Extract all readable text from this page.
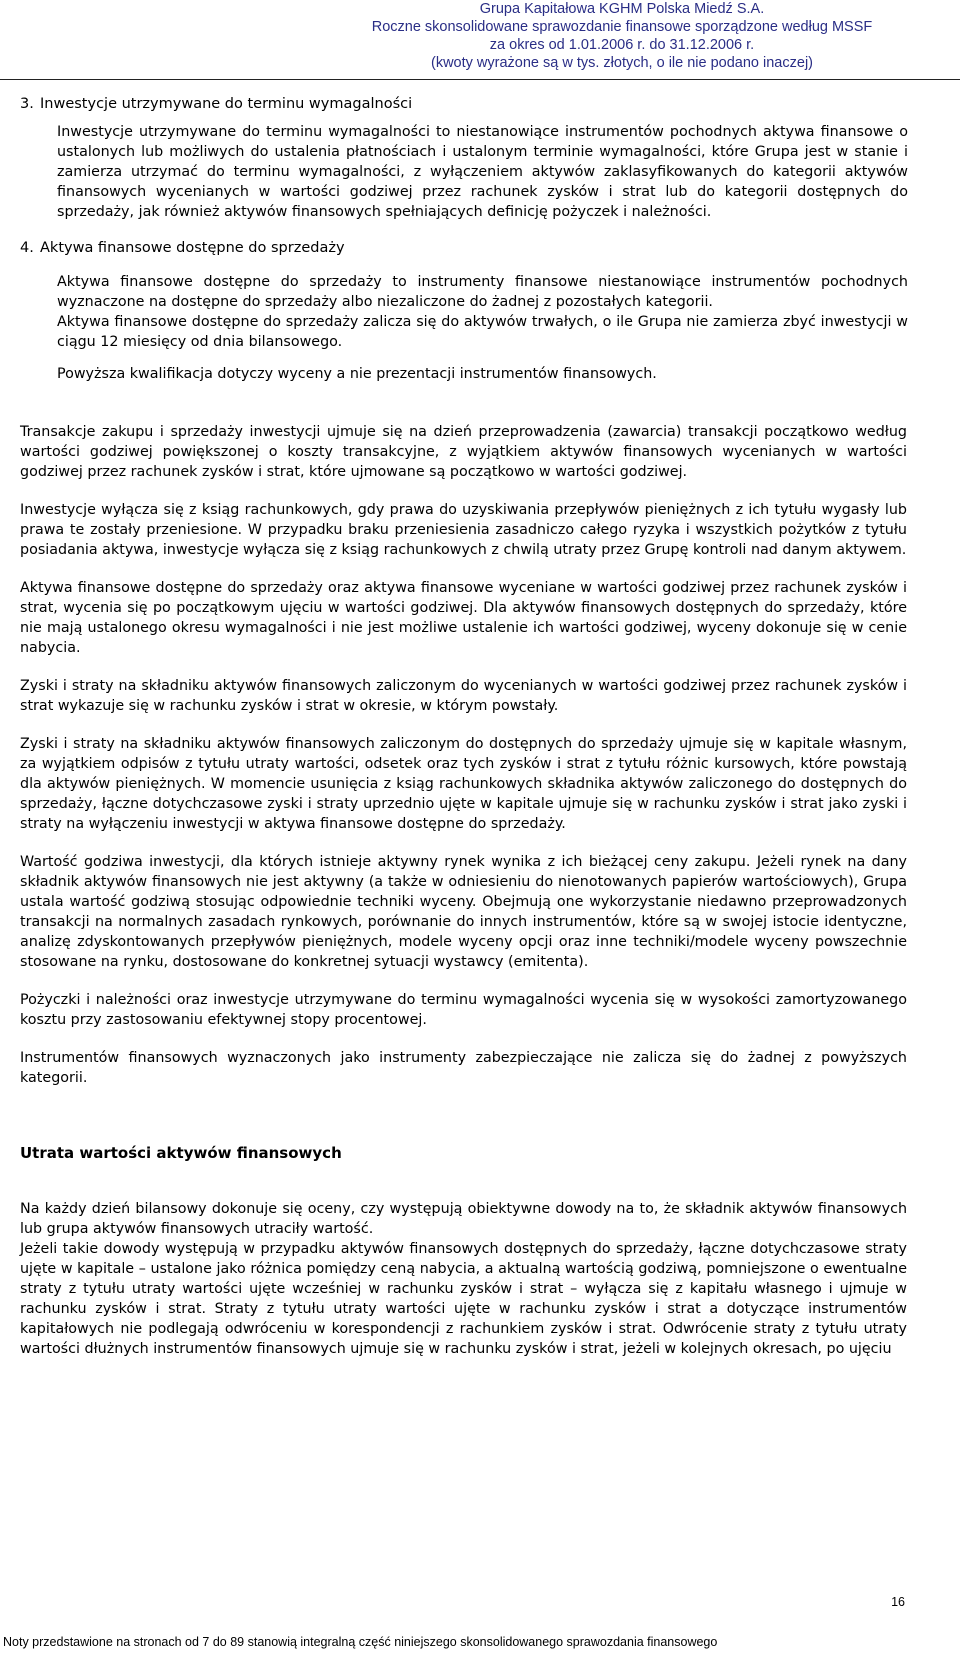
Grupa Kapitałowa KGHM Polska Miedź S.A.
Roczne skonsolidowane sprawozdanie finansowe sporządzone według MSSF
za okres od 1.01.2006 r. do 31.12.2006 r.
(kwoty wyrażone są w tys. złotych, o ile nie podano inaczej)
3. Inwestycje utrzymywane do terminu wymagalności

Inwestycje utrzymywane do terminu wymagalności to niestanowiące instrumentów pochodnych aktywa finansowe o ustalonych lub możliwych do ustalenia płatnościach i ustalonym terminie wymagalności, które Grupa jest w stanie i zamierza utrzymać do terminu wymagalności, z wyłączeniem aktywów zaklasyfikowanych do kategorii aktywów finansowych wycenianych w wartości godziwej przez rachunek zysków i strat lub do kategorii dostępnych do sprzedaży, jak również aktywów finansowych spełniających definicję pożyczek i należności.

4. Aktywa finansowe dostępne do sprzedaży

Aktywa finansowe dostępne do sprzedaży to instrumenty finansowe niestanowiące instrumentów pochodnych wyznaczone na dostępne do sprzedaży albo niezaliczone do żadnej z pozostałych kategorii.

Aktywa finansowe dostępne do sprzedaży zalicza się do aktywów trwałych, o ile Grupa nie zamierza zbyć inwestycji w ciągu 12 miesięcy od dnia bilansowego.

Powyższa kwalifikacja dotyczy wyceny a nie prezentacji instrumentów finansowych.

Transakcje zakupu i sprzedaży inwestycji ujmuje się na dzień przeprowadzenia (zawarcia) transakcji początkowo według wartości godziwej powiększonej o koszty transakcyjne, z wyjątkiem aktywów finansowych wycenianych w wartości godziwej przez rachunek zysków i strat, które ujmowane są początkowo w wartości godziwej.

Inwestycje wyłącza się z ksiąg rachunkowych, gdy prawa do uzyskiwania przepływów pieniężnych z ich tytułu wygasły lub prawa te zostały przeniesione. W przypadku braku przeniesienia zasadniczo całego ryzyka i wszystkich pożytków z tytułu posiadania aktywa, inwestycje wyłącza się z ksiąg rachunkowych z chwilą utraty przez Grupę kontroli nad danym aktywem.

Aktywa finansowe dostępne do sprzedaży oraz aktywa finansowe wyceniane w wartości godziwej przez rachunek zysków i strat, wycenia się po początkowym ujęciu w wartości godziwej. Dla aktywów finansowych dostępnych do sprzedaży, które nie mają ustalonego okresu wymagalności i nie jest możliwe ustalenie ich wartości godziwej, wyceny dokonuje się w cenie nabycia.

Zyski i straty na składniku aktywów finansowych zaliczonym do wycenianych w wartości godziwej przez rachunek zysków i strat wykazuje się w rachunku zysków i strat w okresie, w którym powstały.

Zyski i straty na składniku aktywów finansowych zaliczonym do dostępnych do sprzedaży ujmuje się w kapitale własnym, za wyjątkiem odpisów z tytułu utraty wartości, odsetek oraz tych zysków i strat z tytułu różnic kursowych, które powstają dla aktywów pieniężnych. W momencie usunięcia z ksiąg rachunkowych składnika aktywów zaliczonego do dostępnych do sprzedaży, łączne dotychczasowe zyski i straty uprzednio ujęte w kapitale ujmuje się w rachunku zysków i strat jako zyski i straty na wyłączeniu inwestycji w aktywa finansowe dostępne do sprzedaży.

Wartość godziwa inwestycji, dla których istnieje aktywny rynek wynika z ich bieżącej ceny zakupu. Jeżeli rynek na dany składnik aktywów finansowych nie jest aktywny (a także w odniesieniu do nienotowanych papierów wartościowych), Grupa ustala wartość godziwą stosując odpowiednie techniki wyceny. Obejmują one wykorzystanie niedawno przeprowadzonych transakcji na normalnych zasadach rynkowych, porównanie do innych instrumentów, które są w swojej istocie identyczne, analizę zdyskontowanych przepływów pieniężnych, modele wyceny opcji oraz inne techniki/modele wyceny powszechnie stosowane na rynku, dostosowane do konkretnej sytuacji wystawcy (emitenta).

Pożyczki i należności oraz inwestycje utrzymywane do terminu wymagalności wycenia się w wysokości zamortyzowanego kosztu przy zastosowaniu efektywnej stopy procentowej.

Instrumentów finansowych wyznaczonych jako instrumenty zabezpieczające nie zalicza się do żadnej z powyższych kategorii.

Utrata wartości aktywów finansowych

Na każdy dzień bilansowy dokonuje się oceny, czy występują obiektywne dowody na to, że składnik aktywów finansowych lub grupa aktywów finansowych utraciły wartość.

Jeżeli takie dowody występują w przypadku aktywów finansowych dostępnych do sprzedaży, łączne dotychczasowe straty ujęte w kapitale – ustalone jako różnica pomiędzy ceną nabycia, a aktualną wartością godziwą, pomniejszone o ewentualne straty z tytułu utraty wartości ujęte wcześniej w rachunku zysków i strat – wyłącza się z kapitału własnego i ujmuje w rachunku zysków i strat. Straty z tytułu utraty wartości ujęte w rachunku zysków i strat a dotyczące instrumentów kapitałowych nie podlegają odwróceniu w korespondencji z rachunkiem zysków i strat. Odwrócenie straty z tytułu utraty wartości dłużnych instrumentów finansowych ujmuje się w rachunku zysków i strat, jeżeli w kolejnych okresach, po ujęciu

16
Noty przedstawione na stronach od 7 do 89 stanowią integralną część niniejszego skonsolidowanego sprawozdania finansowego
